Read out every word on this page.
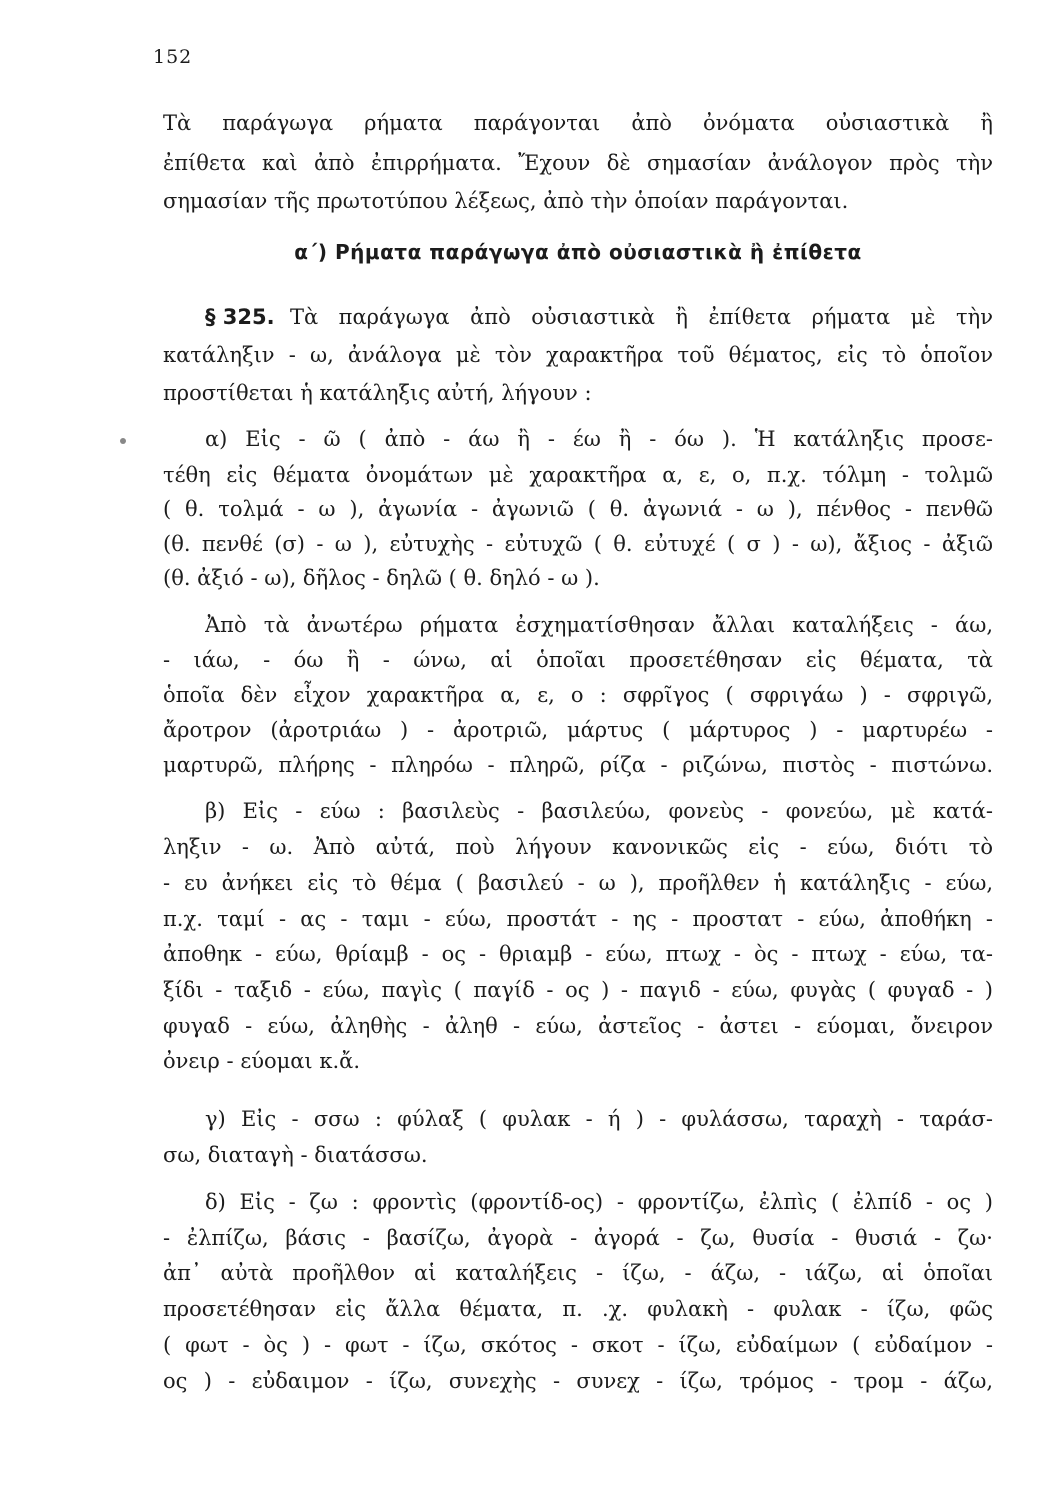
152
Τὰ παράγωγα ρήματα παράγονται ἀπὸ ὀνόματα οὐσιαστικὰ ἢ
ἐπίθετα καὶ ἀπὸ ἐπιρρήματα. Ἔχουν δὲ σημασίαν ἀνάλογον πρὸς τὴν
σημασίαν τῆς πρωτοτύπου λέξεως, ἀπὸ τὴν ὁποίαν παράγονται.
α΄) Ρήματα παράγωγα ἀπὸ οὐσιαστικὰ ἢ ἐπίθετα
§ 325. Τὰ παράγωγα ἀπὸ οὐσιαστικὰ ἢ ἐπίθετα ρήματα μὲ τὴν
κατάληξιν - ω, ἀνάλογα μὲ τὸν χαρακτῆρα τοῦ θέματος, εἰς τὸ ὁποῖον
προστίθεται ἡ κατάληξις αὐτή, λήγουν :
α) Εἰς - ῶ ( ἀπὸ - άω ἢ - έω ἢ - όω ). Ἡ κατάληξις προσε-
τέθη εἰς θέματα ὀνομάτων μὲ χαρακτῆρα α, ε, ο, π.χ. τόλμη - τολμῶ
( θ. τολμά - ω ), ἀγωνία - ἀγωνιῶ ( θ. ἀγωνιά - ω ), πένθος - πενθῶ
(θ. πενθέ (σ) - ω ), εὐτυχὴς - εὐτυχῶ ( θ. εὐτυχέ ( σ ) - ω), ἄξιος - ἀξιῶ
(θ. ἀξιό - ω), δῆλος - δηλῶ ( θ. δηλό - ω ).
Ἀπὸ τὰ ἀνωτέρω ρήματα ἐσχηματίσθησαν ἄλλαι καταλήξεις - άω,
- ιάω, - όω ἢ - ώνω, αἱ ὁποῖαι προσετέθησαν εἰς θέματα, τὰ
ὁποῖα δὲν εἶχον χαρακτῆρα α, ε, ο : σφρῖγος ( σφριγάω ) - σφριγῶ,
ἄροτρον (ἀροτριάω ) - ἀροτριῶ, μάρτυς ( μάρτυρος ) - μαρτυρέω -
μαρτυρῶ, πλήρης - πληρόω - πληρῶ, ρίζα - ριζώνω, πιστὸς - πιστώνω.
β) Εἰς - εύω : βασιλεὺς - βασιλεύω, φονεὺς - φονεύω, μὲ κατά-
ληξιν - ω. Ἀπὸ αὐτά, ποὺ λήγουν κανονικῶς εἰς - εύω, διότι τὸ
- ευ ἀνήκει εἰς τὸ θέμα ( βασιλεύ - ω ), προῆλθεν ἡ κατάληξις - εύω,
π.χ. ταμί - ας - ταμι - εύω, προστάτ - ης - προστατ - εύω, ἀποθήκη -
ἀποθηκ - εύω, θρίαμβ - ος - θριαμβ - εύω, πτωχ - ὸς - πτωχ - εύω, τα-
ξίδι - ταξιδ - εύω, παγὶς ( παγίδ - ος ) - παγιδ - εύω, φυγὰς ( φυγαδ - )
φυγαδ - εύω, ἀληθὴς - ἀληθ - εύω, ἀστεῖος - ἀστει - εύομαι, ὄνειρον
ὀνειρ - εύομαι κ.ἄ.
γ) Εἰς - σσω : φύλαξ ( φυλακ - ή ) - φυλάσσω, ταραχὴ - ταράσ-
σω, διαταγὴ - διατάσσω.
δ) Εἰς - ζω : φροντὶς (φροντίδ-ος) - φροντίζω, ἐλπὶς ( ἐλπίδ - ος )
- ἐλπίζω, βάσις - βασίζω, ἀγορὰ - ἀγορά - ζω, θυσία - θυσιά - ζω·
ἀπ᾽ αὐτὰ προῆλθον αἱ καταλήξεις - ίζω, - άζω, - ιάζω, αἱ ὁποῖαι
προσετέθησαν εἰς ἄλλα θέματα, π. .χ. φυλακὴ - φυλακ - ίζω, φῶς
( φωτ - ὸς ) - φωτ - ίζω, σκότος - σκοτ - ίζω, εὐδαίμων ( εὐδαίμον -
ος ) - εὐδαιμον - ίζω, συνεχὴς - συνεχ - ίζω, τρόμος - τρομ - άζω,
